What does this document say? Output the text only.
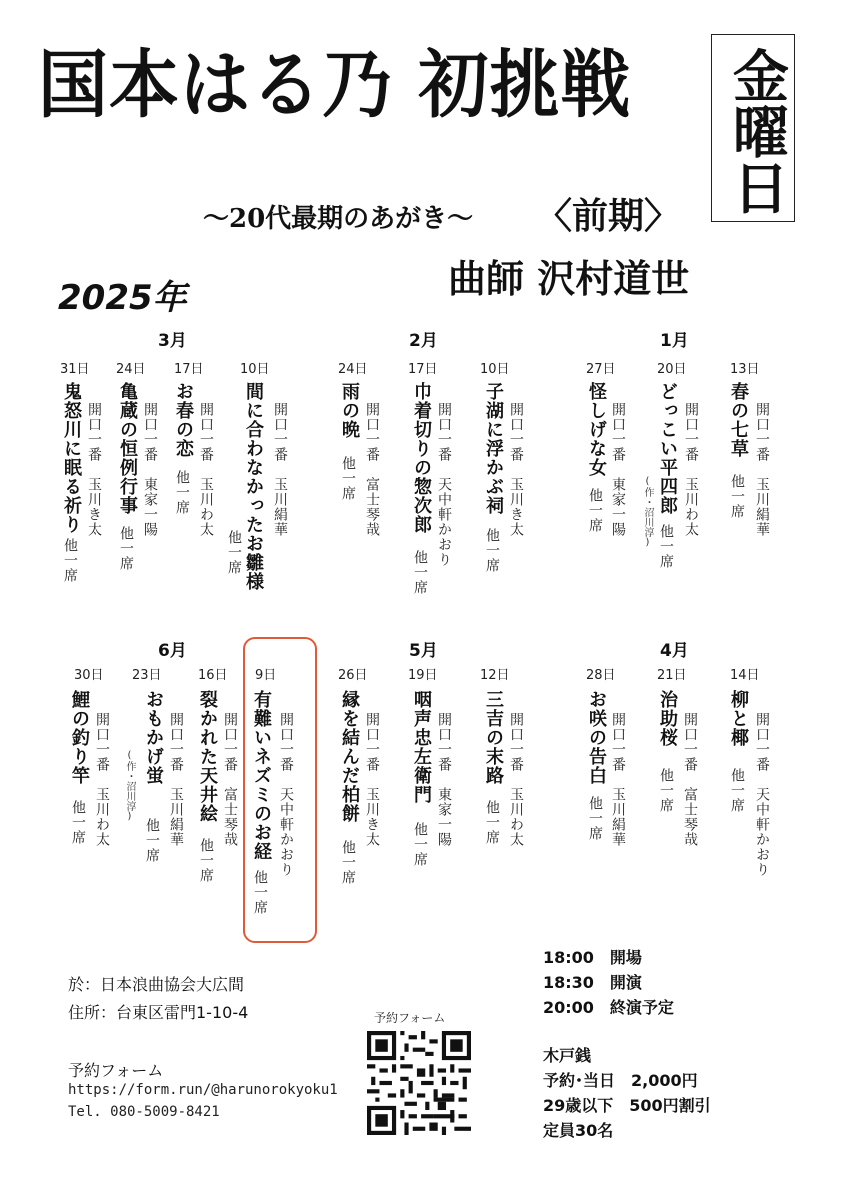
国本はる乃 初挑戦 金曜日
〜20代最期のあがき〜 〈前期〉
曲師 沢村道世
2025年
1月
2月
3月
4月
5月
6月
13日
春の七草 開口一番　玉川絹華
他一席
20日
どっこい平四郎 開口一番　玉川わ太
(作・沼川淳) 他一席
27日
怪しげな女 開口一番　東家一陽
他一席
10日
子湖に浮かぶ祠 開口一番　玉川き太
他一席
17日
巾着切りの惣次郎 開口一番　天中軒かおり
他一席
24日
雨の晩 開口一番　富士琴哉
他一席
10日
間に合わなかったお雛様 開口一番　玉川絹華
他一席
17日
お春の恋 開口一番　玉川わ太
他一席
24日
亀蔵の恒例行事 開口一番　東家一陽
他一席
31日
鬼怒川に眠る祈り 開口一番　玉川き太
他一席
14日
柳と椰 開口一番　天中軒かおり
他一席
21日
治助桜 開口一番　富士琴哉
他一席
28日
お咲の告白 開口一番　玉川絹華
他一席
12日
三吉の末路 開口一番　玉川わ太
他一席
19日
咽声忠左衛門 開口一番　東家一陽
他一席
26日
縁を結んだ柏餅 開口一番　玉川き太
他一席
9日
有難いネズミのお経 開口一番　天中軒かおり
他一席
16日
裂かれた天井絵 開口一番　富士琴哉
他一席
23日
おもかげ蛍 開口一番　玉川絹華
(作・沼川淳)
他一席
30日
鯉の釣り竿 開口一番　玉川わ太
他一席
於：日本浪曲協会大広間
住所：台東区雷門1-10-4
予約フォーム
https://form.run/@harunorokyoku1
Tel. 080-5009-8421
予約フォーム
18:00　開場
18:30　開演
20:00　終演予定
木戸銭
予約･当日　2,000円
29歳以下　500円割引
定員30名
